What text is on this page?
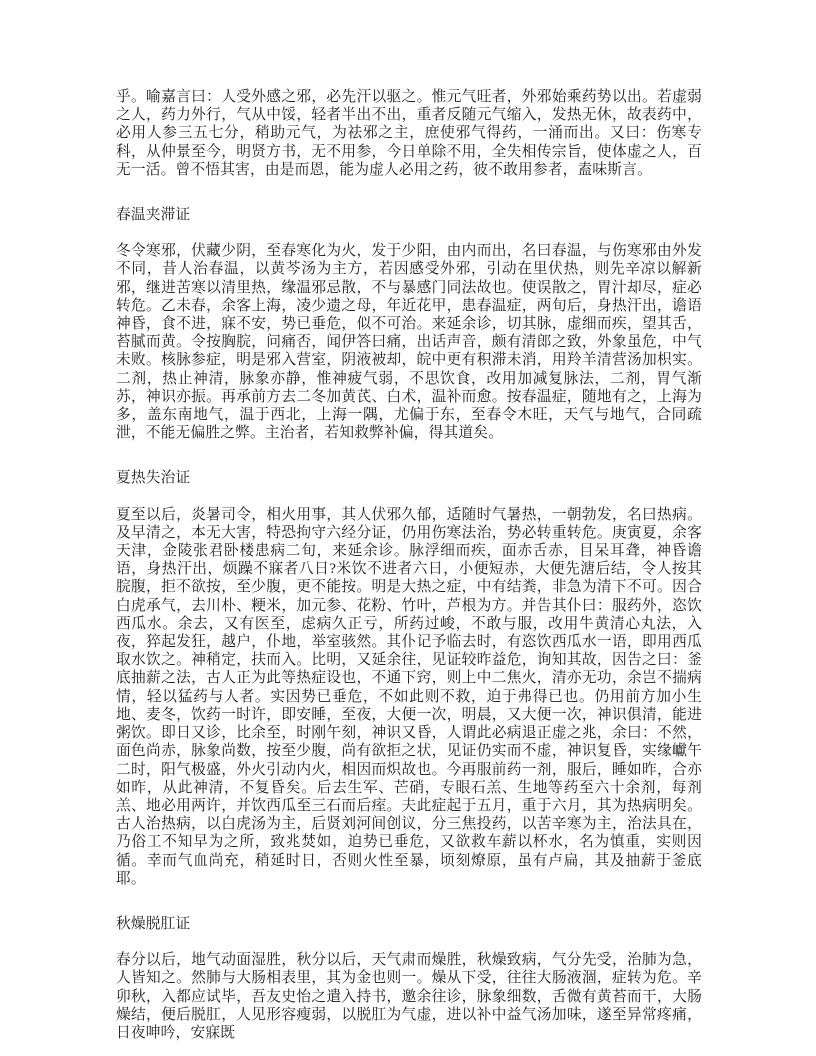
乎。喻嘉言曰：人受外感之邪，必先汗以驱之。惟元气旺者，外邪始乘药势以出。若虚弱之人，药力外行，气从中馁，轻者半出不出，重者反随元气缩入，发热无休，故表药中，必用人参三五七分，稍助元气，为祛邪之主，庶使邪气得药，一涌而出。又曰：伤寒专科，从仲景至今，明贤方书，无不用参，今日单除不用，全失相传宗旨，使体虚之人，百无一活。曾不悟其害，由是而恩，能为虚人必用之药，彼不敢用参者，盍味斯言。

春温夹滞证

冬令寒邪，伏藏少阴，至春寒化为火，发于少阳，由内而出，名曰春温，与伤寒邪由外发不同，昔人治春温，以黄芩汤为主方，若因感受外邪，引动在里伏热，则先辛凉以解新邪，继进苦寒以清里热，缘温邪忌散，不与暴感门同法故也。使误散之，胃汁却尽，症必转危。乙未春，余客上海，凌少遗之母，年近花甲，患春温症，两旬后，身热汗出，谵语神昏，食不进，寐不安，势已垂危，似不可治。来延余诊，切其脉，虚细而疾，望其舌，苔腻而黄。令按胸脘，问痛否，闻伊答曰痛，出话声音，颇有清郎之致，外象虽危，中气未败。核脉参症，明是邪入营室，阴液被却，皖中更有积滞未消，用羚羊清营汤加枳实。二剂，热止神清，脉象亦静，惟神疲气弱，不思饮食，改用加减复脉法，二剂，胃气渐苏，神识亦振。再承前方去二冬加黄芪、白术，温补而愈。按春温症，随地有之，上海为多，盖东南地气，温于西北，上海一隅，尤偏于东，至春令木旺，天气与地气，合同疏泄，不能无偏胜之弊。主治者，若知救弊补偏，得其道矣。

夏热失治证

夏至以后，炎暑司令，相火用事，其人伏邪久郁，适随时气暑热，一朝勃发，名曰热病。及早清之，本无大害，特恐拘守六经分证，仍用伤寒法治，势必转重转危。庚寅夏，余客天津，金陵张君卧楼患病二旬，来延余诊。脉浮细而疾，面赤舌赤，目呆耳聋，神昏谵语，身热汗出，烦躁不寐者八日?米饮不进者六日，小便短赤，大便先溏后结，令人按其脘腹，拒不欲按，至少腹，更不能按。明是大热之症，中有结粪，非急为清下不可。因合白虎承气，去川朴、粳米，加元参、花粉、竹叶，芦根为方。并告其仆曰：服药外，恣饮西瓜水。余去，又有医至，虑病久正亏，所药过峻，不敢与服，改用牛黄清心丸法，入夜，猝起发狂，越户，仆地，举室骇然。其仆记予临去时，有恣饮西瓜水一语，即用西瓜取水饮之。神稍定，扶而入。比明，又延余往，见证较昨益危，询知其故，因告之曰：釜底抽薪之法，古人正为此等热症设也，不通下窍，则上中二焦火，清亦无功，余岂不揣病情，轻以猛药与人者。实因势已垂危，不如此则不救，迫于弗得已也。仍用前方加小生地、麦冬，饮药一时许，即安睡，至夜，大便一次，明晨，又大便一次，神识俱清，能进粥饮。即日又诊，比余至，时刚午刻，神识又昏，人谓此必病退正虚之兆，余曰：不然，面色尚赤，脉象尚数，按至少腹，尚有欲拒之状，见证仍实而不虚，神识复昏，实缘巘午二时，阳气极盛，外火引动内火，相因而炽故也。今再服前药一剂，服后，睡如昨，合亦如昨，从此神清，不复昏矣。后去生军、芒硝，专眼石羔、生地等药至六十余剂，每剂羔、地必用两许，并饮西瓜至三石而后痓。夫此症起于五月，重于六月，其为热病明矣。古人治热病，以白虎汤为主，后贤刘河间创议，分三焦投药，以苦辛寒为主，治法具在，乃俗工不知早为之所，致兆焚如，迫势已垂危，又欲救车薪以杯水，名为慎重，实则因循。幸而气血尚充，稍延时日，否则火性至暴，顷刻燎原，虽有卢扁，其及抽薪于釜底耶。

秋燥脱肛证

春分以后，地气动面湿胜，秋分以后，天气肃而燥胜，秋燥致病，气分先受，治肺为急，人皆知之。然肺与大肠相表里，其为金也则一。燥从下受，往往大肠液涸，症转为危。辛卯秋，入都应试毕，吾友史怡之遣入持书，邀余往诊，脉象细数，舌微有黄苔而干，大肠燥结，便后脱肛，人见形容瘦弱，以脱肛为气虚，进以补中益气汤加味，遂至异常疼痛，日夜呻吟，安寐既
